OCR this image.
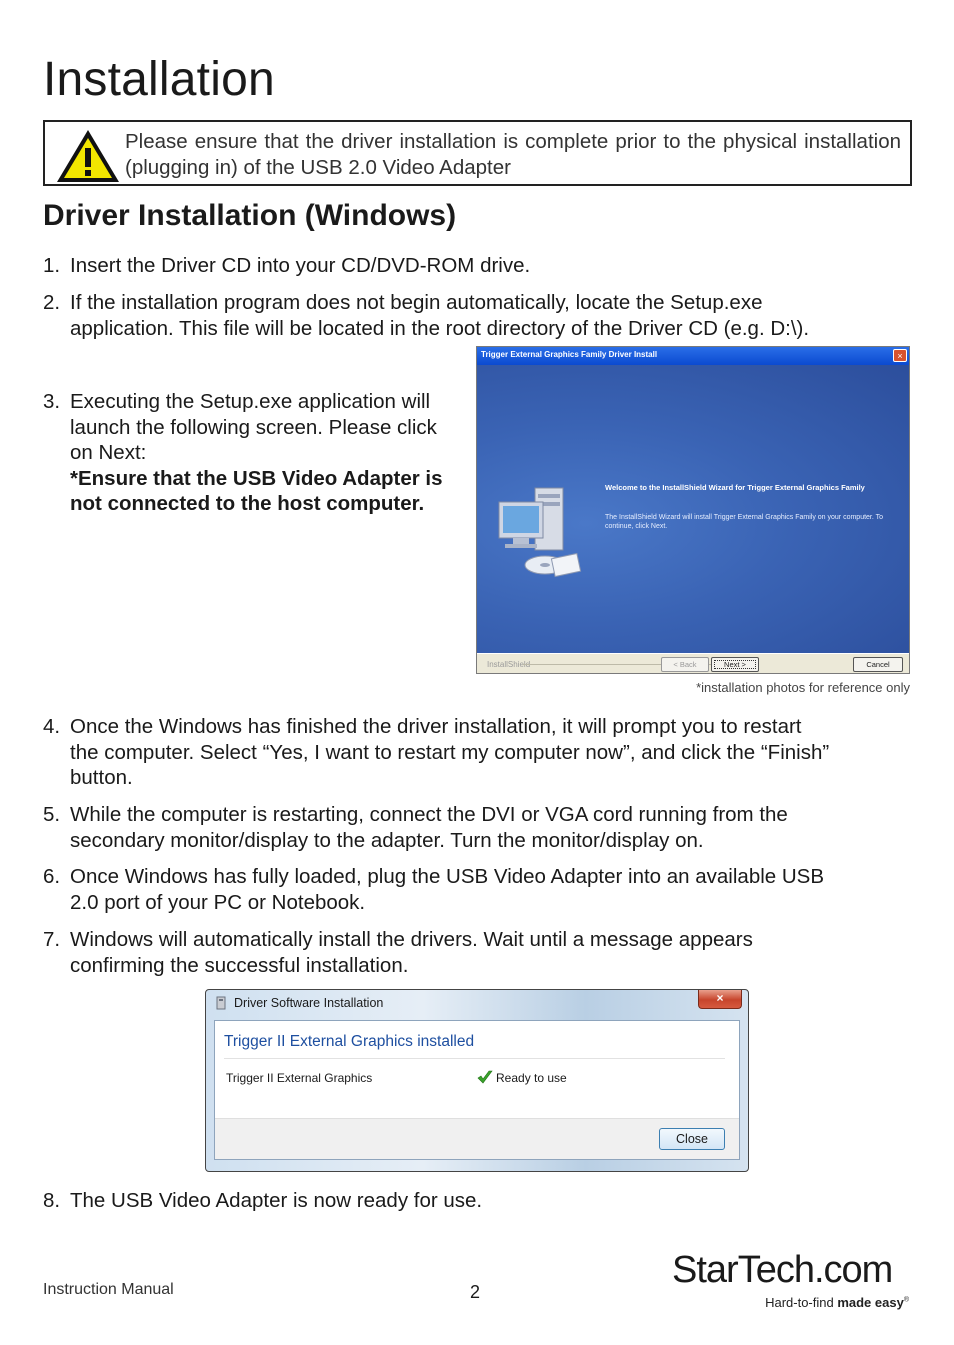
Installation
Please ensure that the driver installation is complete prior to the physical installation (plugging in) of the USB 2.0 Video Adapter
Driver Installation (Windows)
1. Insert the Driver CD into your CD/DVD-ROM drive.
2. If the installation program does not begin automatically, locate the Setup.exe
application. This file will be located in the root directory of the Driver CD (e.g. D:\).
3. Executing the Setup.exe application will
launch the following screen. Please click
on Next:
*Ensure that the USB Video Adapter is
not connected to the host computer.
Trigger External Graphics Family Driver Install	×
Welcome to the InstallShield Wizard for Trigger External Graphics Family
The InstallShield Wizard will install Trigger External Graphics Family on your computer. To continue, click Next.
InstallShield	< Back	Next >	Cancel
*installation photos for reference only
4. Once the Windows has finished the driver installation, it will prompt you to restart
the computer. Select “Yes, I want to restart my computer now”, and click the “Finish”
button.
5. While the computer is restarting, connect the DVI or VGA cord running from the
secondary monitor/display to the adapter. Turn the monitor/display on.
6. Once Windows has fully loaded, plug the USB Video Adapter into an available USB
2.0 port of your PC or Notebook.
7. Windows will automatically install the drivers. Wait until a message appears
confirming the successful installation.
Driver Software Installation	×
Trigger II External Graphics installed
Trigger II External Graphics	Ready to use
Close
8. The USB Video Adapter is now ready for use.
Instruction Manual	2
StarTech.com
Hard-to-find made easy®
